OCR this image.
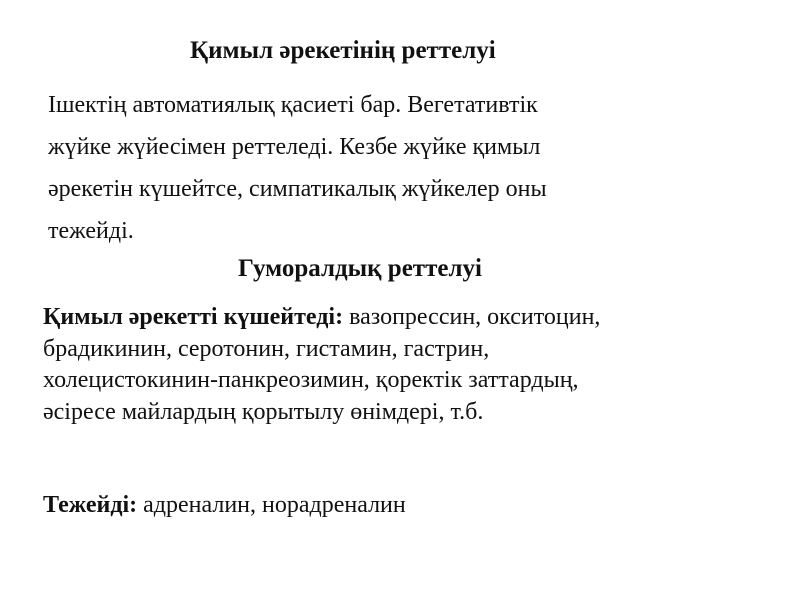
Қимыл әрекетінің реттелуі
Ішектің автоматиялық қасиеті бар. Вегетативтік
жүйке жүйесімен реттеледі. Кезбе жүйке қимыл
әрекетін күшейтсе, симпатикалық жүйкелер оны
тежейді.
Гуморалдық реттелуі
Қимыл әрекетті күшейтеді: вазопрессин, окситоцин,
брадикинин, серотонин, гистамин, гастрин,
холецистокинин-панкреозимин, қоректік заттардың,
әсіресе майлардың қорытылу өнімдері, т.б.
Тежейді: адреналин, норадреналин
